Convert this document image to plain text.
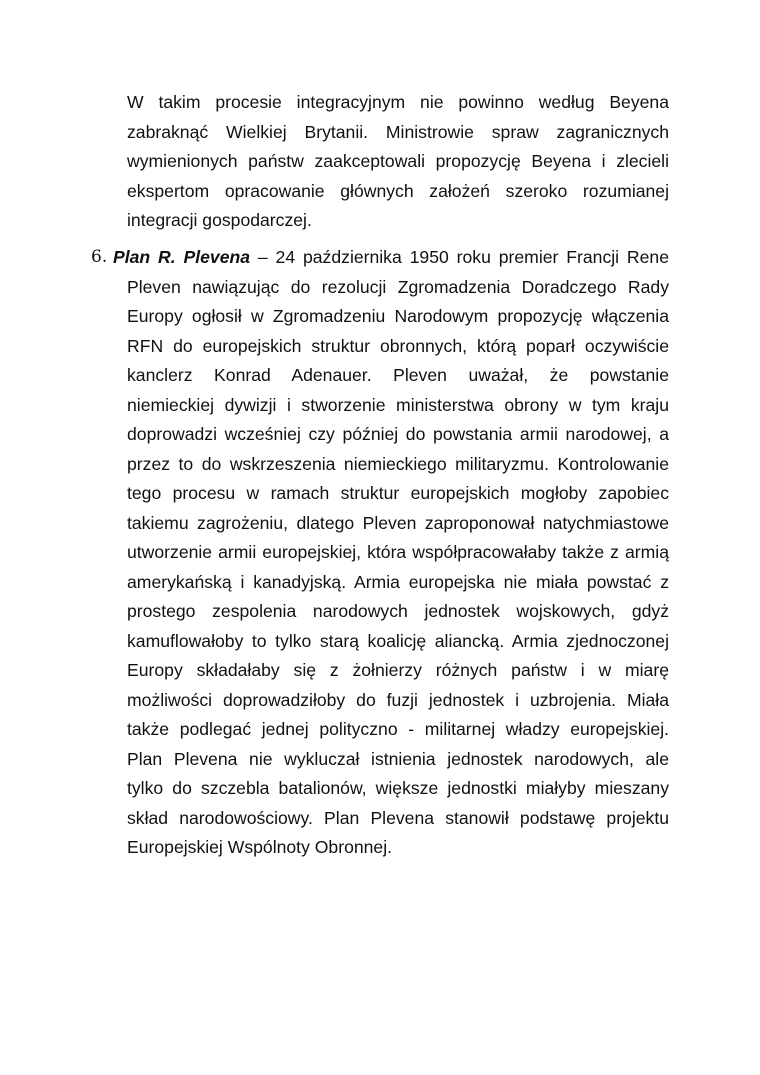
W takim procesie integracyjnym nie powinno według Beyena
zabraknąć Wielkiej Brytanii. Ministrowie spraw zagranicznych
wymienionych państw zaakceptowali propozycję Beyena i zlecieli
ekspertom opracowanie głównych założeń szeroko rozumianej
integracji gospodarczej.
6. Plan R. Plevena – 24 października 1950 roku premier Francji Rene
Pleven nawiązując do rezolucji Zgromadzenia Doradczego Rady
Europy ogłosił w Zgromadzeniu Narodowym propozycję włączenia
RFN do europejskich struktur obronnych, którą poparł oczywiście
kanclerz Konrad Adenauer. Pleven uważał, że powstanie
niemieckiej dywizji i stworzenie ministerstwa obrony w tym kraju
doprowadzi wcześniej czy później do powstania armii narodowej, a
przez to do wskrzeszenia niemieckiego militaryzmu. Kontrolowanie
tego procesu w ramach struktur europejskich mogłoby zapobiec
takiemu zagrożeniu, dlatego Pleven zaproponował natychmiastowe
utworzenie armii europejskiej, która współpracowałaby także z armią
amerykańską i kanadyjską. Armia europejska nie miała powstać z
prostego zespolenia narodowych jednostek wojskowych, gdyż
kamuflowałoby to tylko starą koalicję aliancką. Armia zjednoczonej
Europy składałaby się z żołnierzy różnych państw i w miarę
możliwości doprowadziłoby do fuzji jednostek i uzbrojenia. Miała
także podlegać jednej polityczno - militarnej władzy europejskiej.
Plan Plevena nie wykluczał istnienia jednostek narodowych, ale
tylko do szczebla batalionów, większe jednostki miałyby mieszany
skład narodowościowy. Plan Plevena stanowił podstawę projektu
Europejskiej Wspólnoty Obronnej.
